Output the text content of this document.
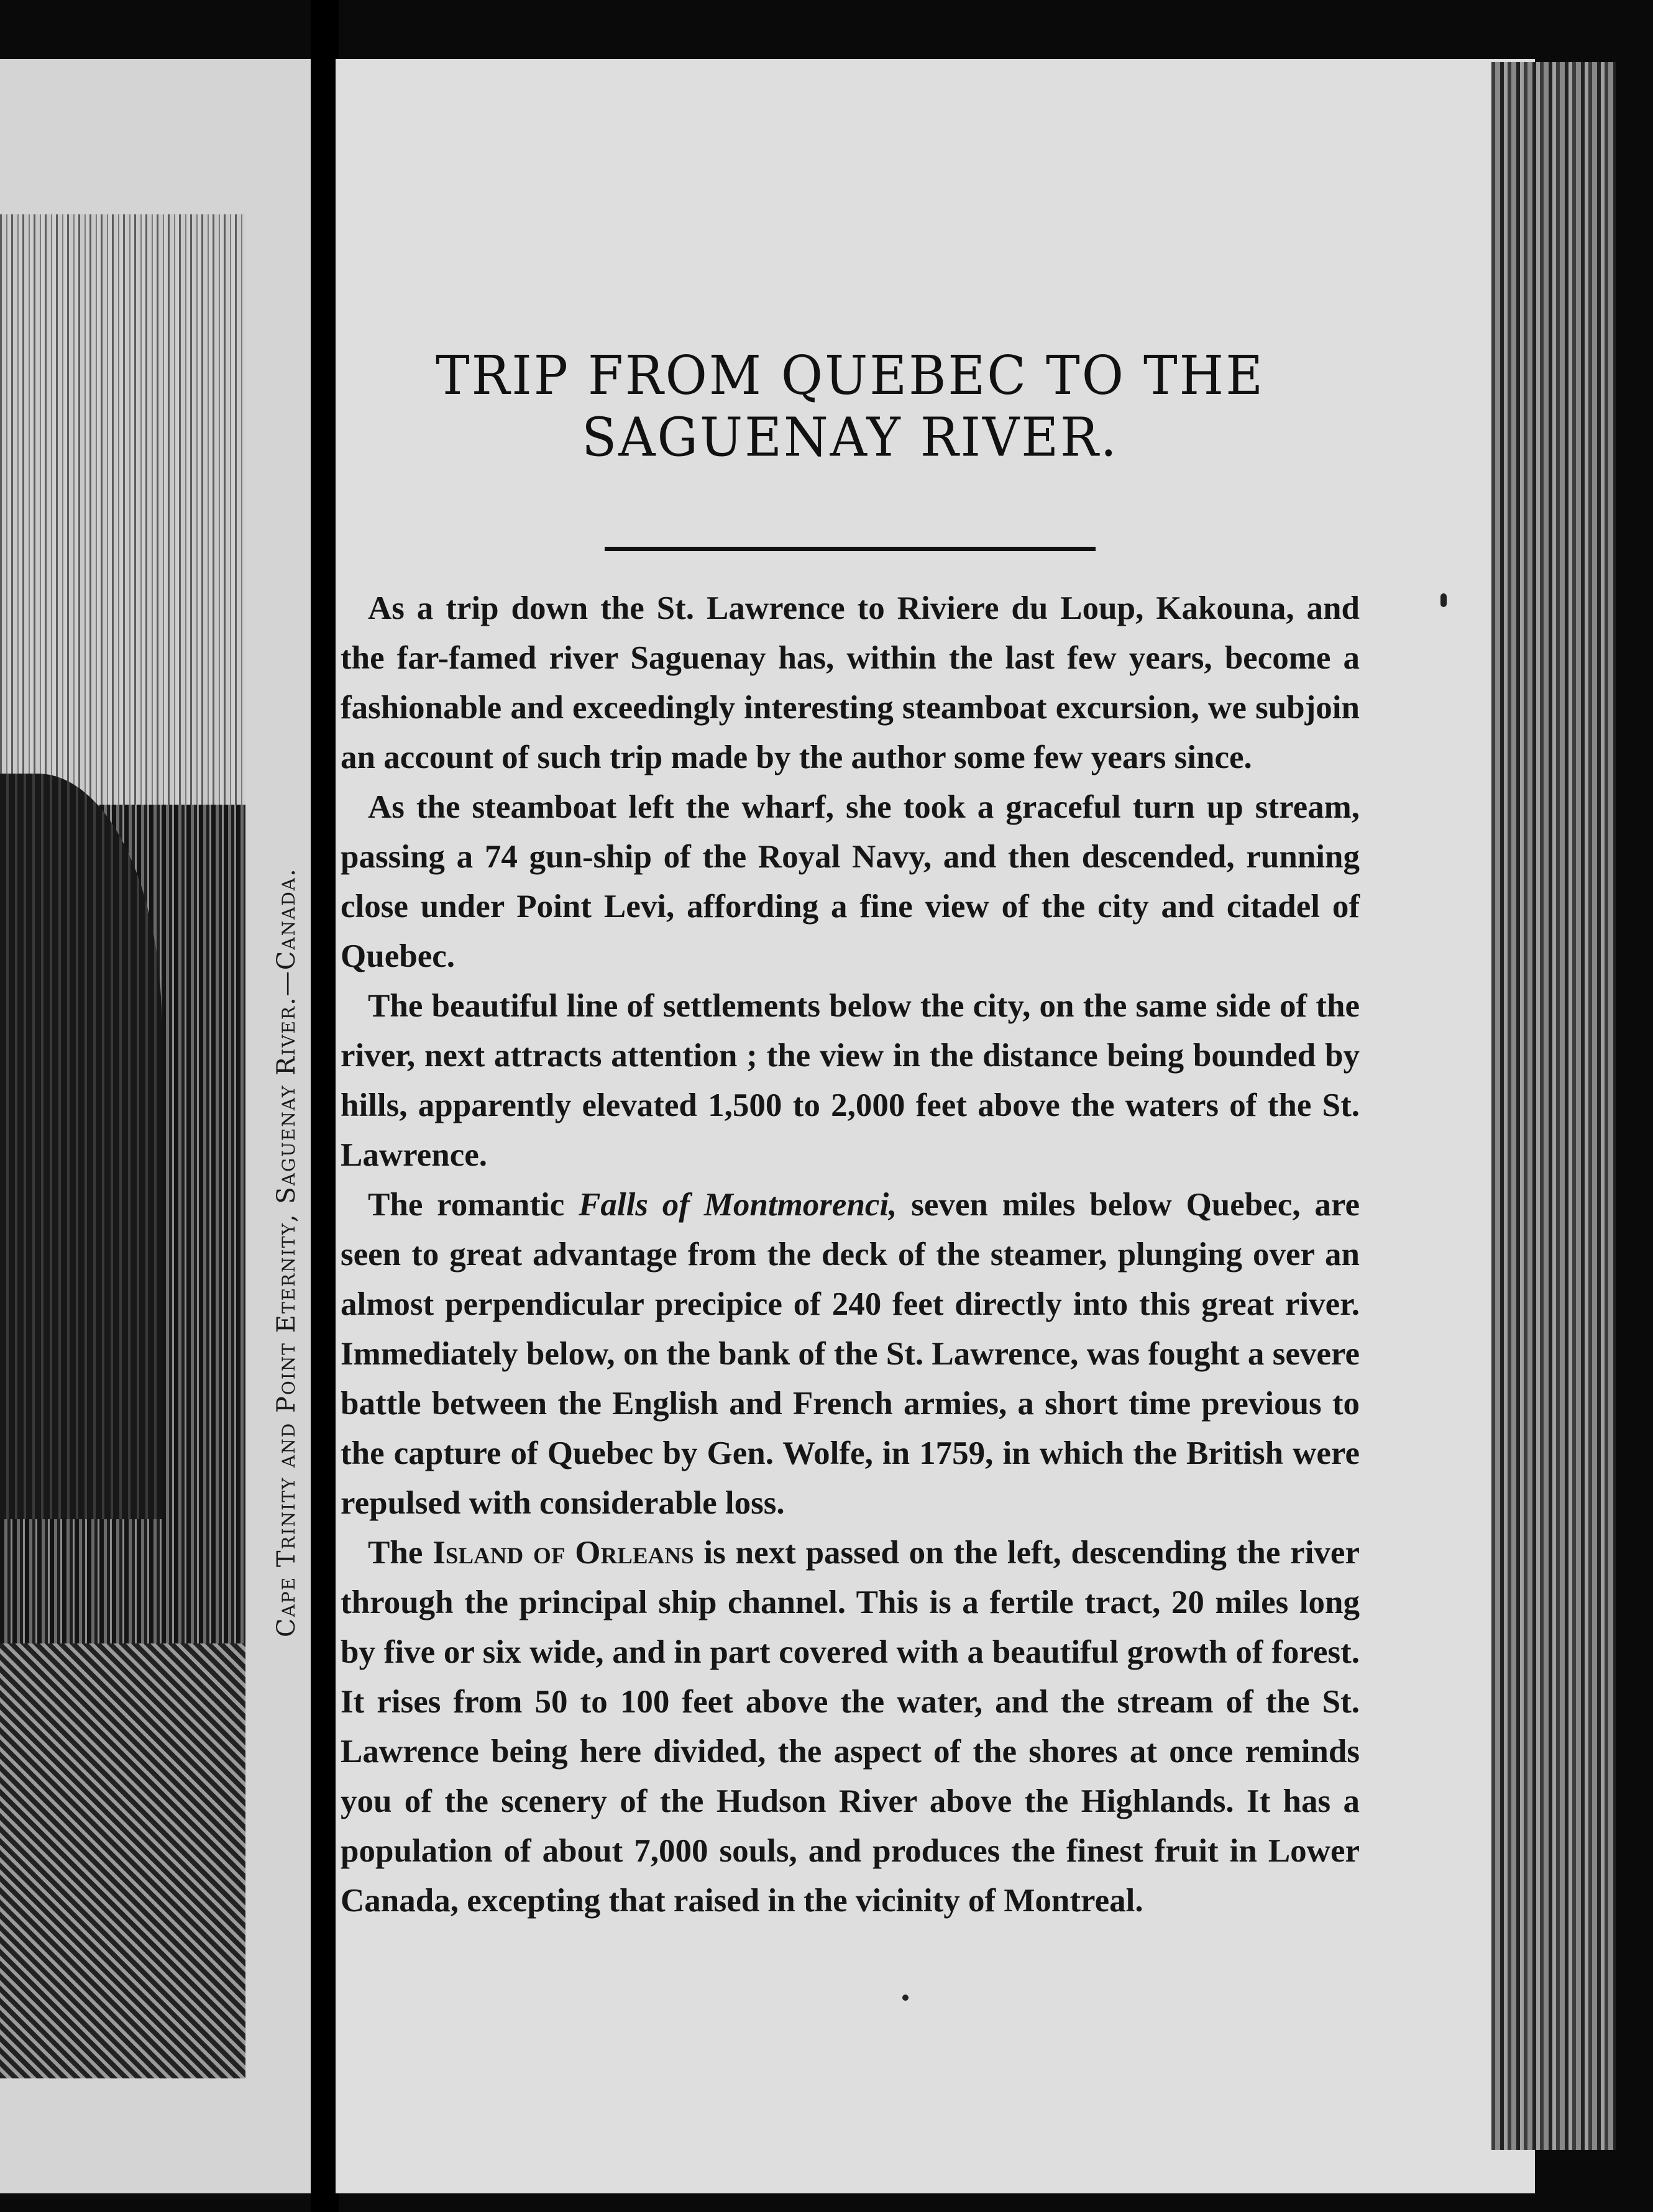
Cape Trinity and Point Eternity, Saguenay River.—Canada.
TRIP FROM QUEBEC TO THE SAGUENAY RIVER.

As a trip down the St. Lawrence to Riviere du Loup, Kakouna, and the far-famed river Saguenay has, within the last few years, become a fashionable and exceedingly interesting steamboat excursion, we subjoin an account of such trip made by the author some few years since.

As the steamboat left the wharf, she took a graceful turn up stream, passing a 74 gun-ship of the Royal Navy, and then descended, running close under Point Levi, affording a fine view of the city and citadel of Quebec.

The beautiful line of settlements below the city, on the same side of the river, next attracts attention ; the view in the distance being bounded by hills, apparently elevated 1,500 to 2,000 feet above the waters of the St. Lawrence.

The romantic Falls of Montmorenci, seven miles below Quebec, are seen to great advantage from the deck of the steamer, plunging over an almost perpendicular precipice of 240 feet directly into this great river. Immediately below, on the bank of the St. Lawrence, was fought a severe battle between the English and French armies, a short time previous to the capture of Quebec by Gen. Wolfe, in 1759, in which the British were repulsed with considerable loss.

The Island of Orleans is next passed on the left, descending the river through the principal ship channel. This is a fertile tract, 20 miles long by five or six wide, and in part covered with a beautiful growth of forest. It rises from 50 to 100 feet above the water, and the stream of the St. Lawrence being here divided, the aspect of the shores at once reminds you of the scenery of the Hudson River above the Highlands. It has a population of about 7,000 souls, and produces the finest fruit in Lower Canada, excepting that raised in the vicinity of Montreal.
